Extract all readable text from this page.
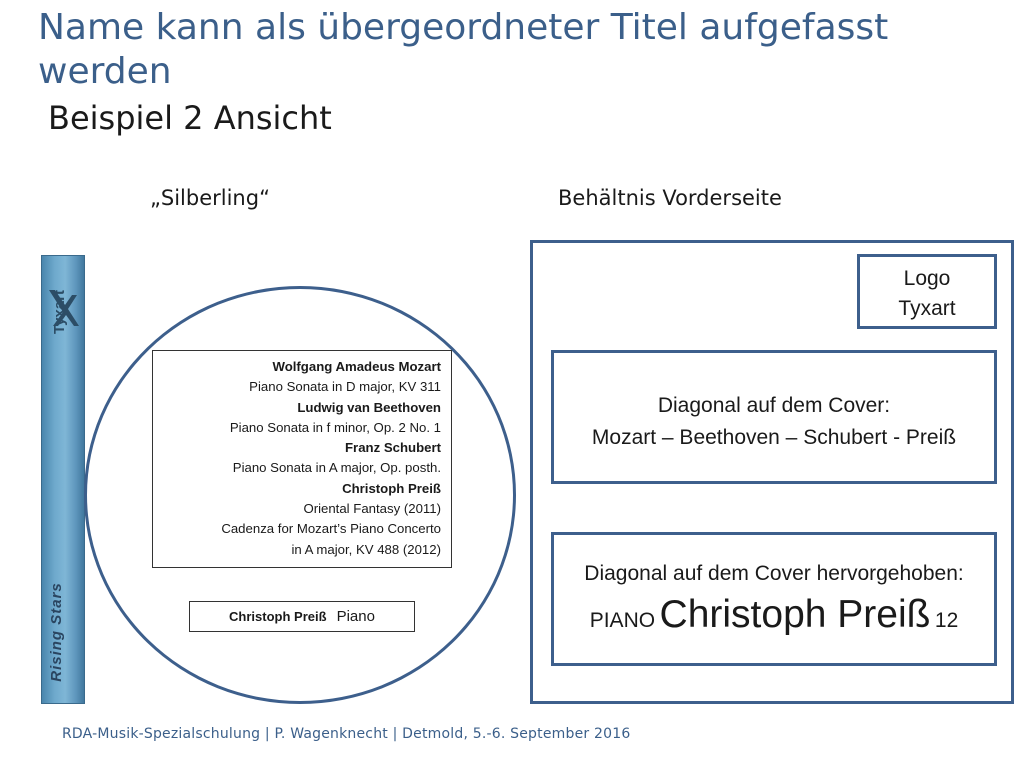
Name kann als übergeordneter Titel aufgefasst werden
Beispiel 2 Ansicht
„Silberling“	Behältnis Vorderseite
Tyxart
Rising Stars
Wolfgang Amadeus Mozart
Piano Sonata in D major, KV 311
Ludwig van Beethoven
Piano Sonata in f minor, Op. 2 No. 1
Franz Schubert
Piano Sonata in A major, Op. posth.
Christoph Preiß
Oriental Fantasy (2011)
Cadenza for Mozart’s Piano Concerto
in A major, KV 488 (2012)
Christoph Preiß Piano
Logo
Tyxart
Diagonal auf dem Cover:
Mozart – Beethoven – Schubert - Preiß
Diagonal auf dem Cover hervorgehoben:
PIANO Christoph Preiß 12
RDA-Musik-Spezialschulung | P. Wagenknecht | Detmold, 5.-6. September 2016
